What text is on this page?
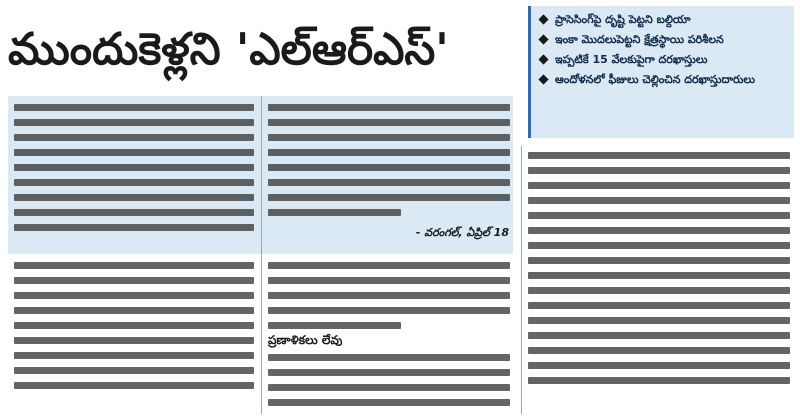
ముందుకెళ్లని 'ఎల్‌ఆర్‌ఎస్'
ప్రాసెసింగ్‌పై దృష్టి పెట్టని బల్దియా
ఇంకా మొదలుపెట్టని క్షేత్రస్థాయి పరిశీలన
ఇప్పటికే 15 వేలకుపైగా దరఖాస్తులు
ఆందోళనలో ఫీజులు చెల్లించిన దరఖాస్తుదారులు

- వరంగల్, ఏప్రిల్ 18

ప్రణాళికలు లేవు
